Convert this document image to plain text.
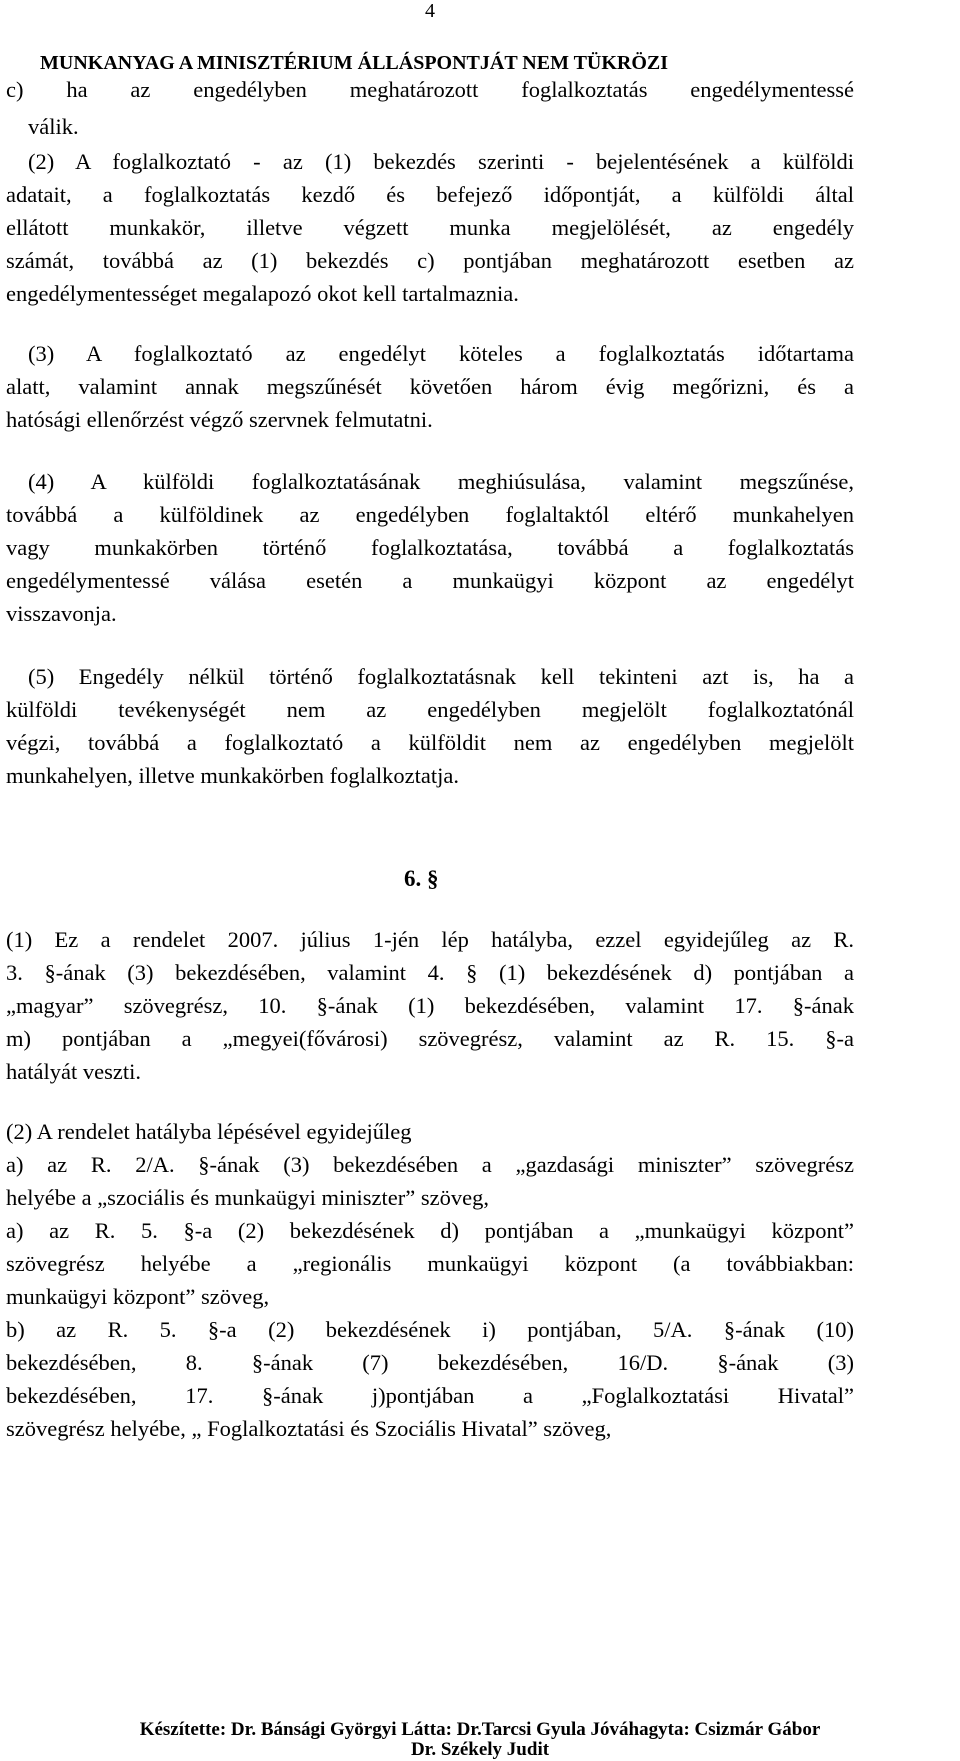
4
MUNKANYAG A MINISZTÉRIUM ÁLLÁSPONTJÁT NEM TÜKRÖZI
c) ha az engedélyben meghatározott foglalkoztatás engedélymentessé
válik.
(2) A foglalkoztató - az (1) bekezdés szerinti - bejelentésének a külföldi
adatait, a foglalkoztatás kezdő és befejező időpontját, a külföldi által
ellátott munkakör, illetve végzett munka megjelölését, az engedély
számát, továbbá az (1) bekezdés c) pontjában meghatározott esetben az
engedélymentességet megalapozó okot kell tartalmaznia.
(3) A foglalkoztató az engedélyt köteles a foglalkoztatás időtartama
alatt, valamint annak megszűnését követően három évig megőrizni, és a
hatósági ellenőrzést végző szervnek felmutatni.
(4) A külföldi foglalkoztatásának meghiúsulása, valamint megszűnése,
továbbá a külföldinek az engedélyben foglaltaktól eltérő munkahelyen
vagy munkakörben történő foglalkoztatása, továbbá a foglalkoztatás
engedélymentessé válása esetén a munkaügyi központ az engedélyt
visszavonja.
(5) Engedély nélkül történő foglalkoztatásnak kell tekinteni azt is, ha a
külföldi tevékenységét nem az engedélyben megjelölt foglalkoztatónál
végzi, továbbá a foglalkoztató a külföldit nem az engedélyben megjelölt
munkahelyen, illetve munkakörben foglalkoztatja.
6. §
(1) Ez a rendelet 2007. július 1-jén lép hatályba, ezzel egyidejűleg az R.
3. §-ának (3) bekezdésében, valamint 4. § (1) bekezdésének d) pontjában a
„magyar” szövegrész, 10. §-ának (1) bekezdésében, valamint 17. §-ának
m) pontjában a „megyei(fővárosi) szövegrész, valamint az R. 15. §-a
hatályát veszti.
(2) A rendelet hatályba lépésével egyidejűleg
a) az R. 2/A. §-ának (3) bekezdésében a „gazdasági miniszter” szövegrész
helyébe a „szociális és munkaügyi miniszter” szöveg,
a) az R. 5. §-a (2) bekezdésének d) pontjában a „munkaügyi központ”
szövegrész helyébe a „regionális munkaügyi központ (a továbbiakban:
munkaügyi központ” szöveg,
b) az R. 5. §-a (2) bekezdésének i) pontjában, 5/A. §-ának (10)
bekezdésében, 8. §-ának (7) bekezdésében, 16/D. §-ának (3)
bekezdésében, 17. §-ának j)pontjában a „Foglalkoztatási Hivatal”
szövegrész helyébe, „ Foglalkoztatási és Szociális Hivatal” szöveg,
Készítette: Dr. Bánsági Györgyi Látta: Dr.Tarcsi Gyula Jóváhagyta: Csizmár Gábor
Dr. Székely Judit
